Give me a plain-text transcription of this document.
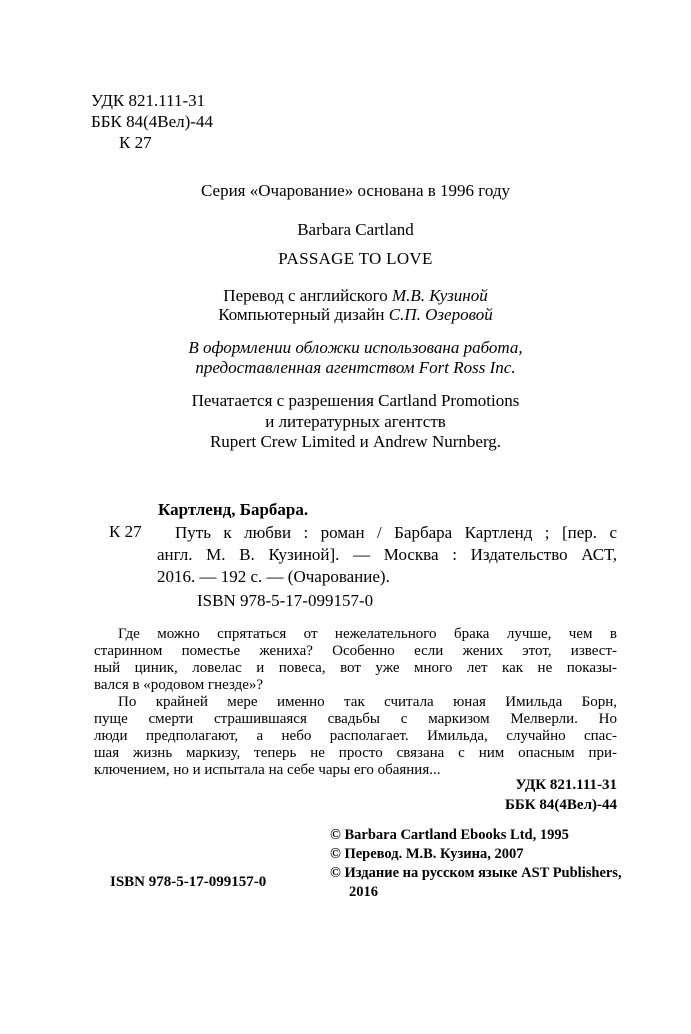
УДК 821.111-31
ББК 84(4Вел)-44
К 27
Серия «Очарование» основана в 1996 году
Barbara Cartland
PASSAGE TO LOVE
Перевод с английского М.В. Кузиной
Компьютерный дизайн С.П. Озеровой
В оформлении обложки использована работа,
предоставленная агентством Fort Ross Inc.
Печатается с разрешения Cartland Promotions
и литературных агентств
Rupert Crew Limited и Andrew Nurnberg.
Картленд, Барбара.
К 27	Путь к любви : роман / Барбара Картленд ; [пер. с
англ. М. В. Кузиной]. — Москва : Издательство АСТ,
2016. — 192 с. — (Очарование).
ISBN 978-5-17-099157-0
Где можно спрятаться от нежелательного брака лучше, чем в
старинном поместье жениха? Особенно если жених этот, извест-
ный циник, ловелас и повеса, вот уже много лет как не показы-
вался в «родовом гнезде»?
По крайней мере именно так считала юная Имильда Борн,
пуще смерти страшившаяся свадьбы с маркизом Мелверли. Но
люди предполагают, а небо располагает. Имильда, случайно спас-
шая жизнь маркизу, теперь не просто связана с ним опасным при-
ключением, но и испытала на себе чары его обаяния...
УДК 821.111-31
ББК 84(4Вел)-44
© Barbara Cartland Ebooks Ltd, 1995
© Перевод. М.В. Кузина, 2007
© Издание на русском языке AST Publishers,
2016
ISBN 978-5-17-099157-0
